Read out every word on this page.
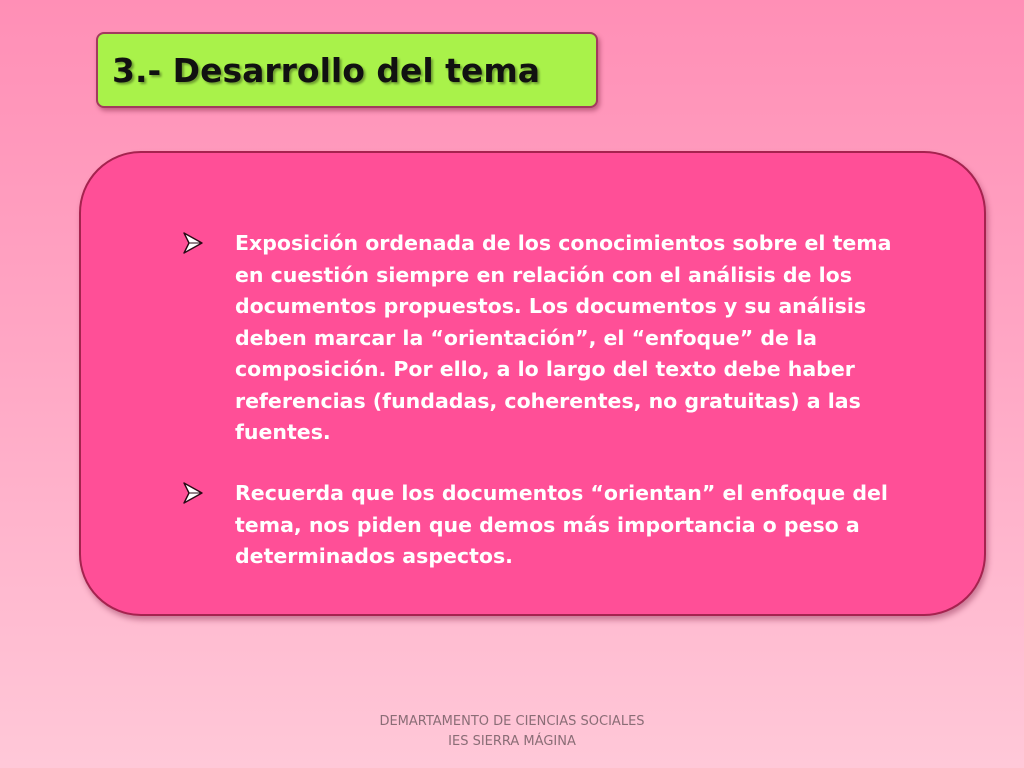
3.- Desarrollo del tema
Exposición ordenada de los conocimientos sobre el tema en cuestión siempre en relación con el análisis de los documentos propuestos. Los documentos y su análisis deben marcar la “orientación”, el “enfoque” de la composición. Por ello, a lo largo del texto debe haber referencias (fundadas, coherentes, no gratuitas) a las fuentes.
Recuerda que los documentos “orientan” el enfoque del tema, nos piden que demos más importancia o peso a determinados aspectos.
DEMARTAMENTO DE CIENCIAS SOCIALES
IES SIERRA MÁGINA
